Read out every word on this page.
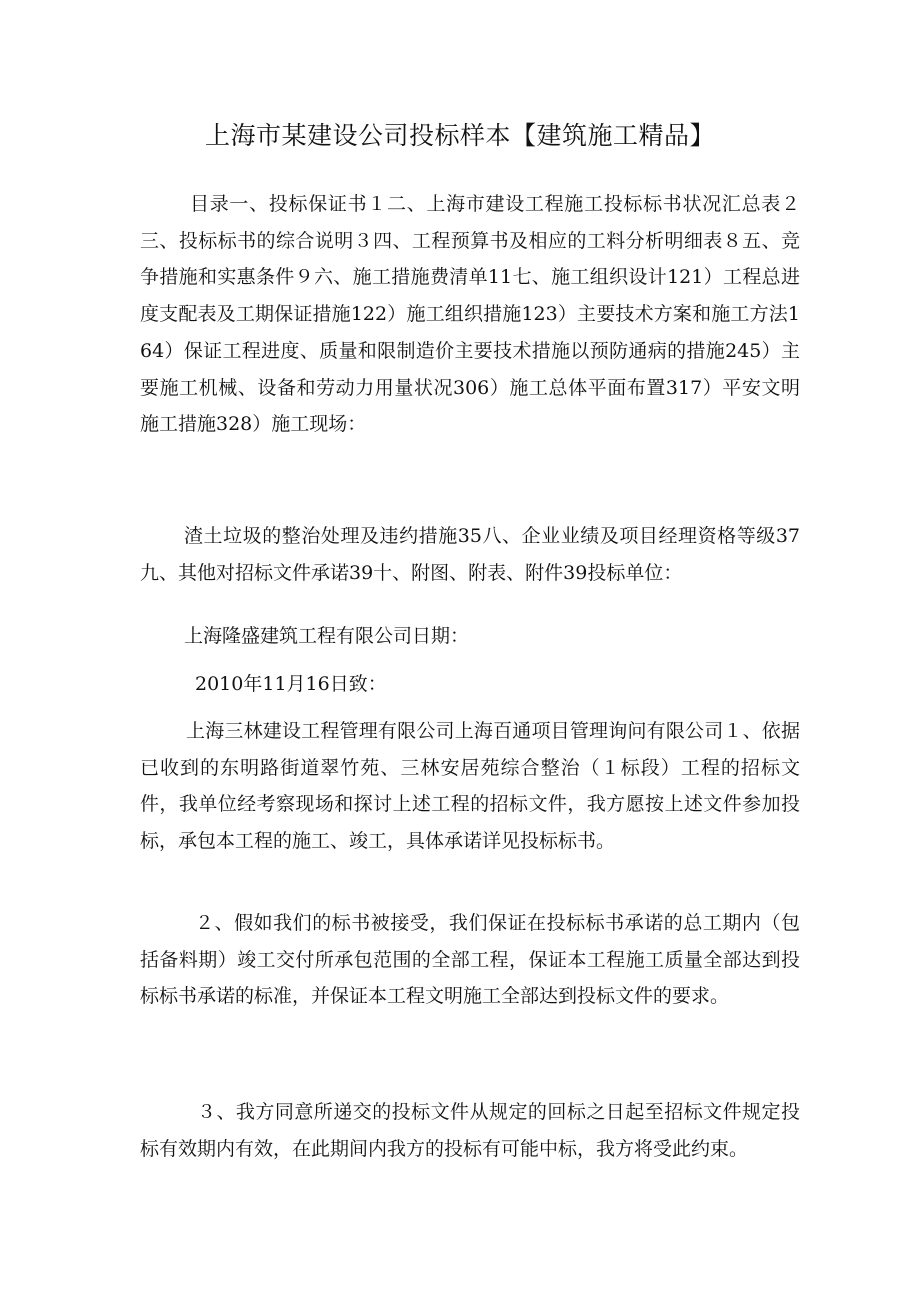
上海市某建设公司投标样本【建筑施工精品】

目录一、投标保证书１二、上海市建设工程施工投标标书状况汇总表２三、投标标书的综合说明３四、工程预算书及相应的工料分析明细表８五、竞争措施和实惠条件９六、施工措施费清单11七、施工组织设计121）工程总进度支配表及工期保证措施122）施工组织措施123）主要技术方案和施工方法164）保证工程进度、质量和限制造价主要技术措施以预防通病的措施245）主要施工机械、设备和劳动力用量状况306）施工总体平面布置317）平安文明施工措施328）施工现场：

渣土垃圾的整治处理及违约措施35八、企业业绩及项目经理资格等级37九、其他对招标文件承诺39十、附图、附表、附件39投标单位：

上海隆盛建筑工程有限公司日期：

2010年11月16日致：

上海三林建设工程管理有限公司上海百通项目管理询问有限公司１、依据已收到的东明路街道翠竹苑、三林安居苑综合整治（１标段）工程的招标文件，我单位经考察现场和探讨上述工程的招标文件，我方愿按上述文件参加投标，承包本工程的施工、竣工，具体承诺详见投标标书。

２、假如我们的标书被接受，我们保证在投标标书承诺的总工期内（包括备料期）竣工交付所承包范围的全部工程，保证本工程施工质量全部达到投标标书承诺的标准，并保证本工程文明施工全部达到投标文件的要求。

３、我方同意所递交的投标文件从规定的回标之日起至招标文件规定投标有效期内有效，在此期间内我方的投标有可能中标，我方将受此约束。
